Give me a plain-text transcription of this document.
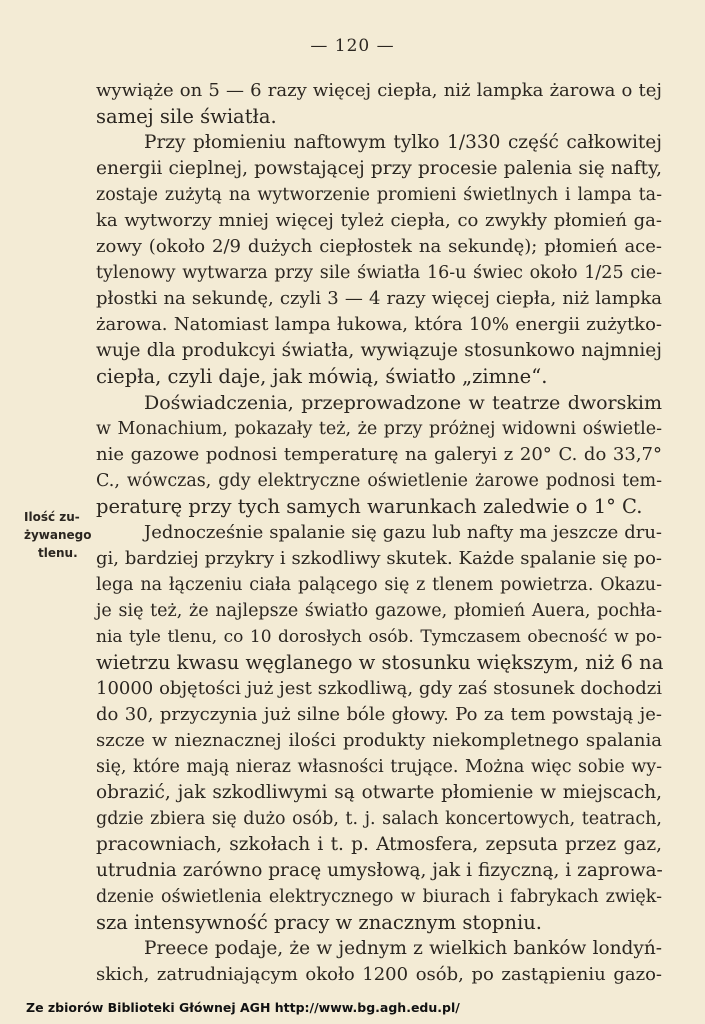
— 120 —
wywiąże on 5 — 6 razy więcej ciepła, niż lampka żarowa o tej
samej sile światła.
Przy płomieniu naftowym tylko 1/330 część całkowitej
energii cieplnej, powstającej przy procesie palenia się nafty,
zostaje zużytą na wytworzenie promieni świetlnych i lampa ta-
ka wytworzy mniej więcej tyleż ciepła, co zwykły płomień ga-
zowy (około 2/9 dużych ciepłostek na sekundę); płomień ace-
tylenowy wytwarza przy sile światła 16-u świec około 1/25 cie-
płostki na sekundę, czyli 3 — 4 razy więcej ciepła, niż lampka
żarowa. Natomiast lampa łukowa, która 10% energii zużytko-
wuje dla produkcyi światła, wywiązuje stosunkowo najmniej
ciepła, czyli daje, jak mówią, światło „zimne“.
Doświadczenia, przeprowadzone w teatrze dworskim
w Monachium, pokazały też, że przy próżnej widowni oświetle-
nie gazowe podnosi temperaturę na galeryi z 20° C. do 33,7°
C., wówczas, gdy elektryczne oświetlenie żarowe podnosi tem-
peraturę przy tych samych warunkach zaledwie o 1° C.
Jednocześnie spalanie się gazu lub nafty ma jeszcze dru-
gi, bardziej przykry i szkodliwy skutek. Każde spalanie się po-
lega na łączeniu ciała palącego się z tlenem powietrza. Okazu-
je się też, że najlepsze światło gazowe, płomień Auera, pochła-
nia tyle tlenu, co 10 dorosłych osób. Tymczasem obecność w po-
wietrzu kwasu węglanego w stosunku większym, niż 6 na
10000 objętości już jest szkodliwą, gdy zaś stosunek dochodzi
do 30, przyczynia już silne bóle głowy. Po za tem powstają je-
szcze w nieznacznej ilości produkty niekompletnego spalania
się, które mają nieraz własności trujące. Można więc sobie wy-
obrazić, jak szkodliwymi są otwarte płomienie w miejscach,
gdzie zbiera się dużo osób, t. j. salach koncertowych, teatrach,
pracowniach, szkołach i t. p. Atmosfera, zepsuta przez gaz,
utrudnia zarówno pracę umysłową, jak i fizyczną, i zaprowa-
dzenie oświetlenia elektrycznego w biurach i fabrykach zwięk-
sza intensywność pracy w znacznym stopniu.
Preece podaje, że w jednym z wielkich banków londyń-
skich, zatrudniającym około 1200 osób, po zastąpieniu gazo-
Ilość zu-
żywanego
tlenu.
Ze zbiorów Biblioteki Głównej AGH http://www.bg.agh.edu.pl/
